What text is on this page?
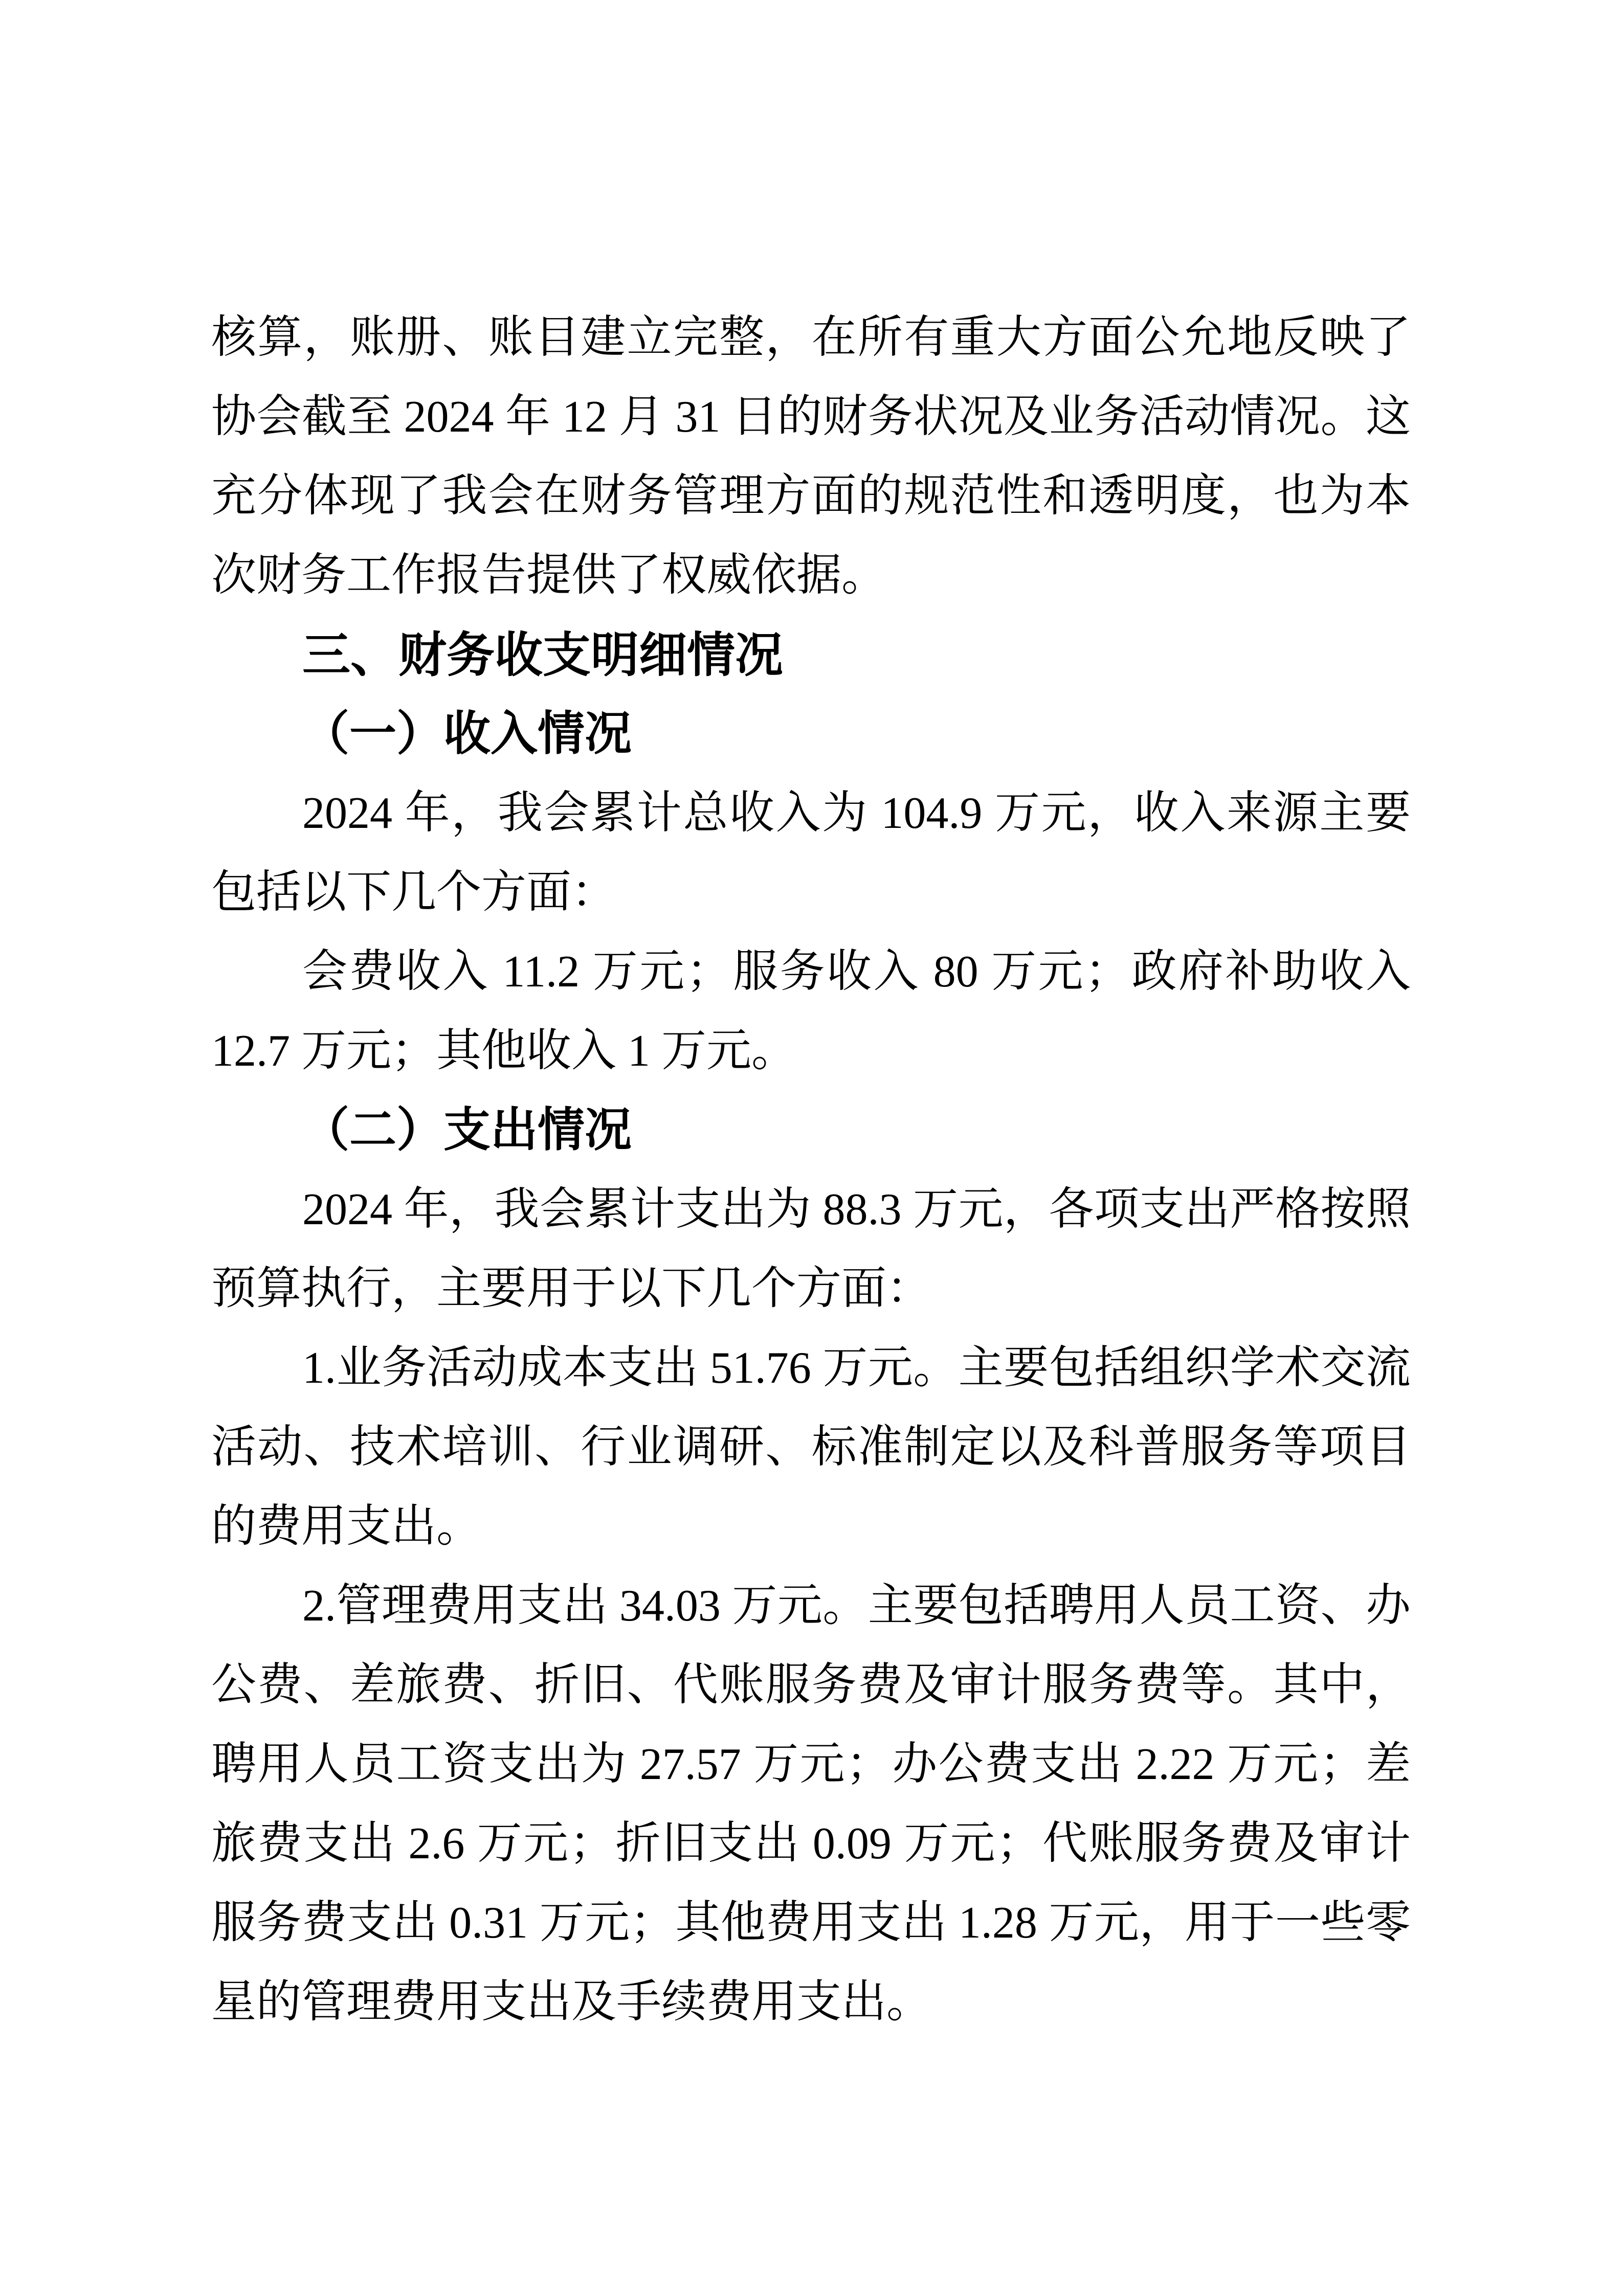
核算，账册、账目建立完整，在所有重大方面公允地反映了
协会截至 2024 年 12 月 31 日的财务状况及业务活动情况。这
充分体现了我会在财务管理方面的规范性和透明度，也为本
次财务工作报告提供了权威依据。
三、财务收支明细情况
（一）收入情况
2024 年，我会累计总收入为 104.9 万元，收入来源主要
包括以下几个方面：
会费收入 11.2 万元；服务收入 80 万元；政府补助收入
12.7 万元；其他收入 1 万元。
（二）支出情况
2024 年，我会累计支出为 88.3 万元，各项支出严格按照
预算执行，主要用于以下几个方面：
1.业务活动成本支出 51.76 万元。主要包括组织学术交流
活动、技术培训、行业调研、标准制定以及科普服务等项目
的费用支出。
2.管理费用支出 34.03 万元。主要包括聘用人员工资、办
公费、差旅费、折旧、代账服务费及审计服务费等。其中，
聘用人员工资支出为 27.57 万元；办公费支出 2.22 万元；差
旅费支出 2.6 万元；折旧支出 0.09 万元；代账服务费及审计
服务费支出 0.31 万元；其他费用支出 1.28 万元，用于一些零
星的管理费用支出及手续费用支出。
